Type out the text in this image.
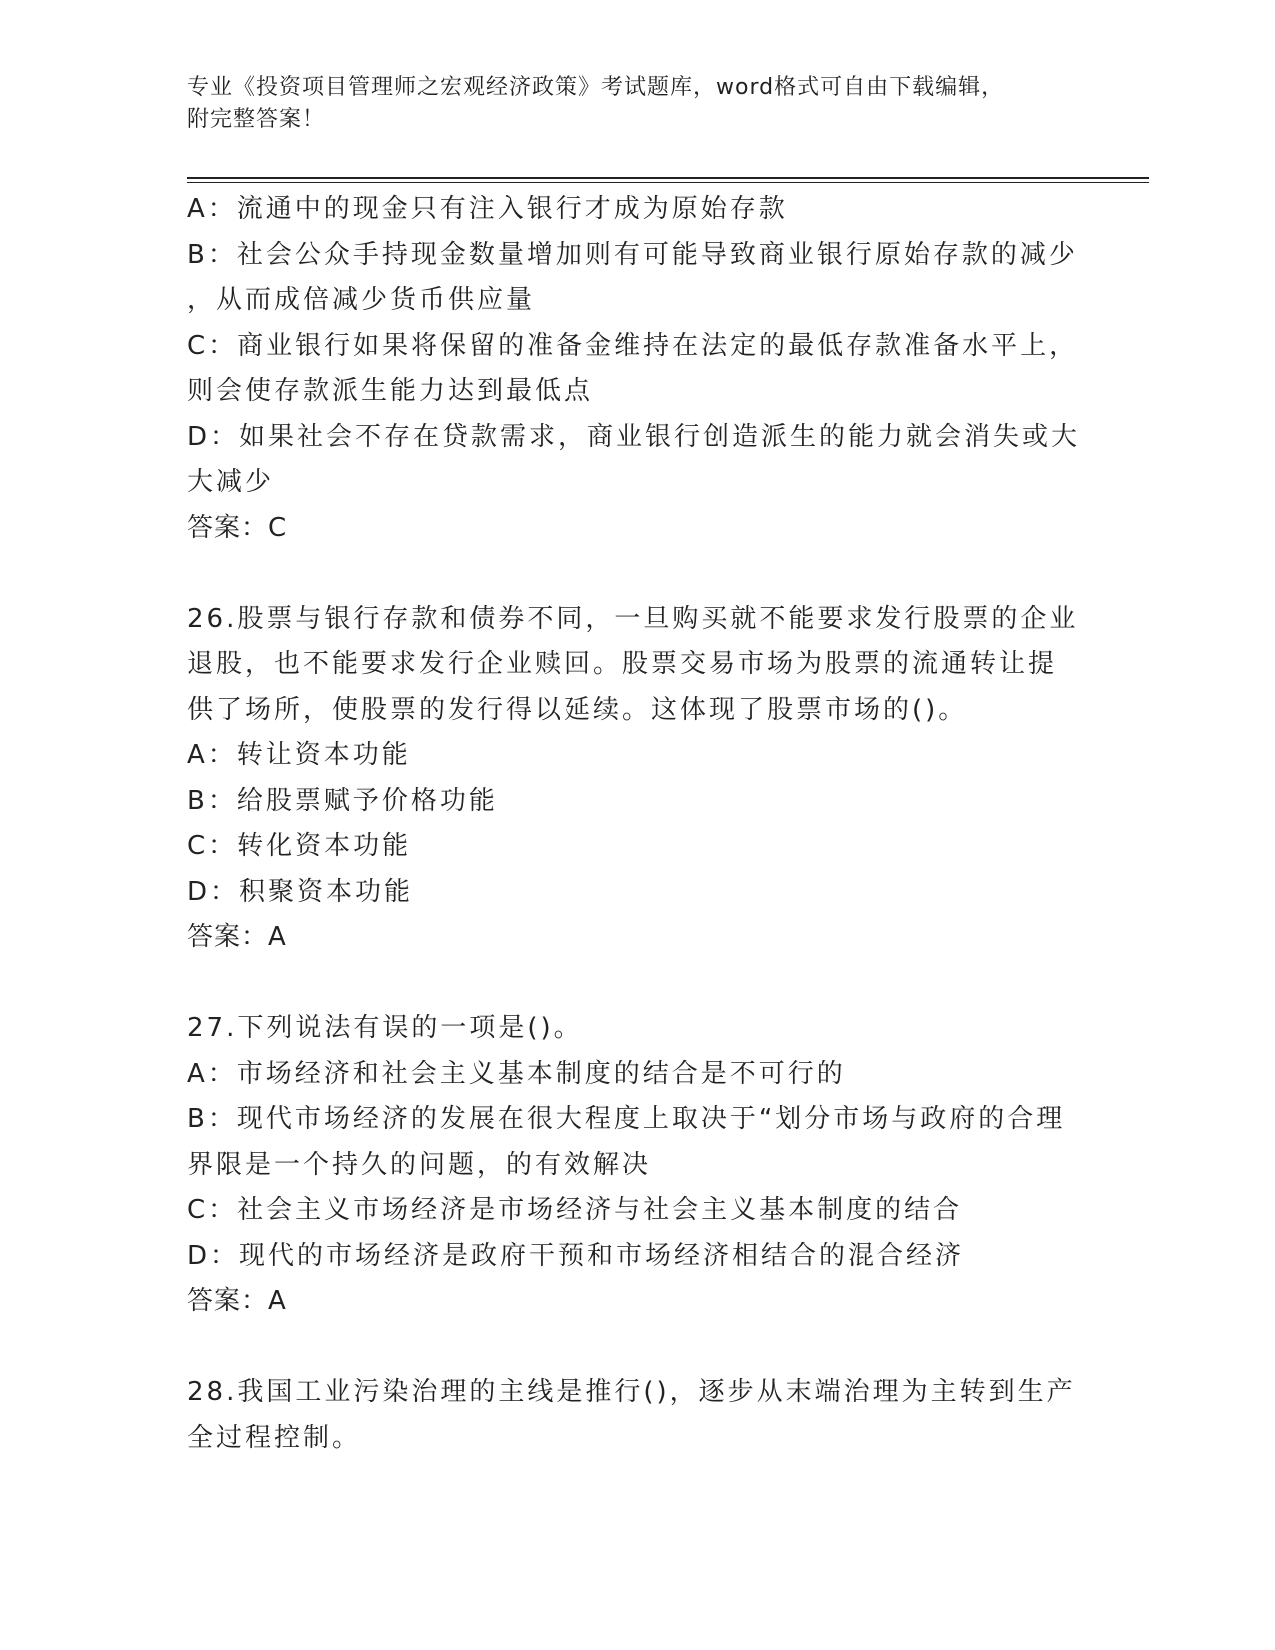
专业《投资项目管理师之宏观经济政策》考试题库，word格式可自由下载编辑，
附完整答案！
A：流通中的现金只有注入银行才成为原始存款
B：社会公众手持现金数量增加则有可能导致商业银行原始存款的减少
，从而成倍减少货币供应量
C：商业银行如果将保留的准备金维持在法定的最低存款准备水平上，
则会使存款派生能力达到最低点
D：如果社会不存在贷款需求，商业银行创造派生的能力就会消失或大
大减少
答案：C
26.股票与银行存款和债券不同，一旦购买就不能要求发行股票的企业
退股，也不能要求发行企业赎回。股票交易市场为股票的流通转让提
供了场所，使股票的发行得以延续。这体现了股票市场的()。
A：转让资本功能
B：给股票赋予价格功能
C：转化资本功能
D：积聚资本功能
答案：A
27.下列说法有误的一项是()。
A：市场经济和社会主义基本制度的结合是不可行的
B：现代市场经济的发展在很大程度上取决于“划分市场与政府的合理
界限是一个持久的问题，的有效解决
C：社会主义市场经济是市场经济与社会主义基本制度的结合
D：现代的市场经济是政府干预和市场经济相结合的混合经济
答案：A
28.我国工业污染治理的主线是推行()，逐步从末端治理为主转到生产
全过程控制。
